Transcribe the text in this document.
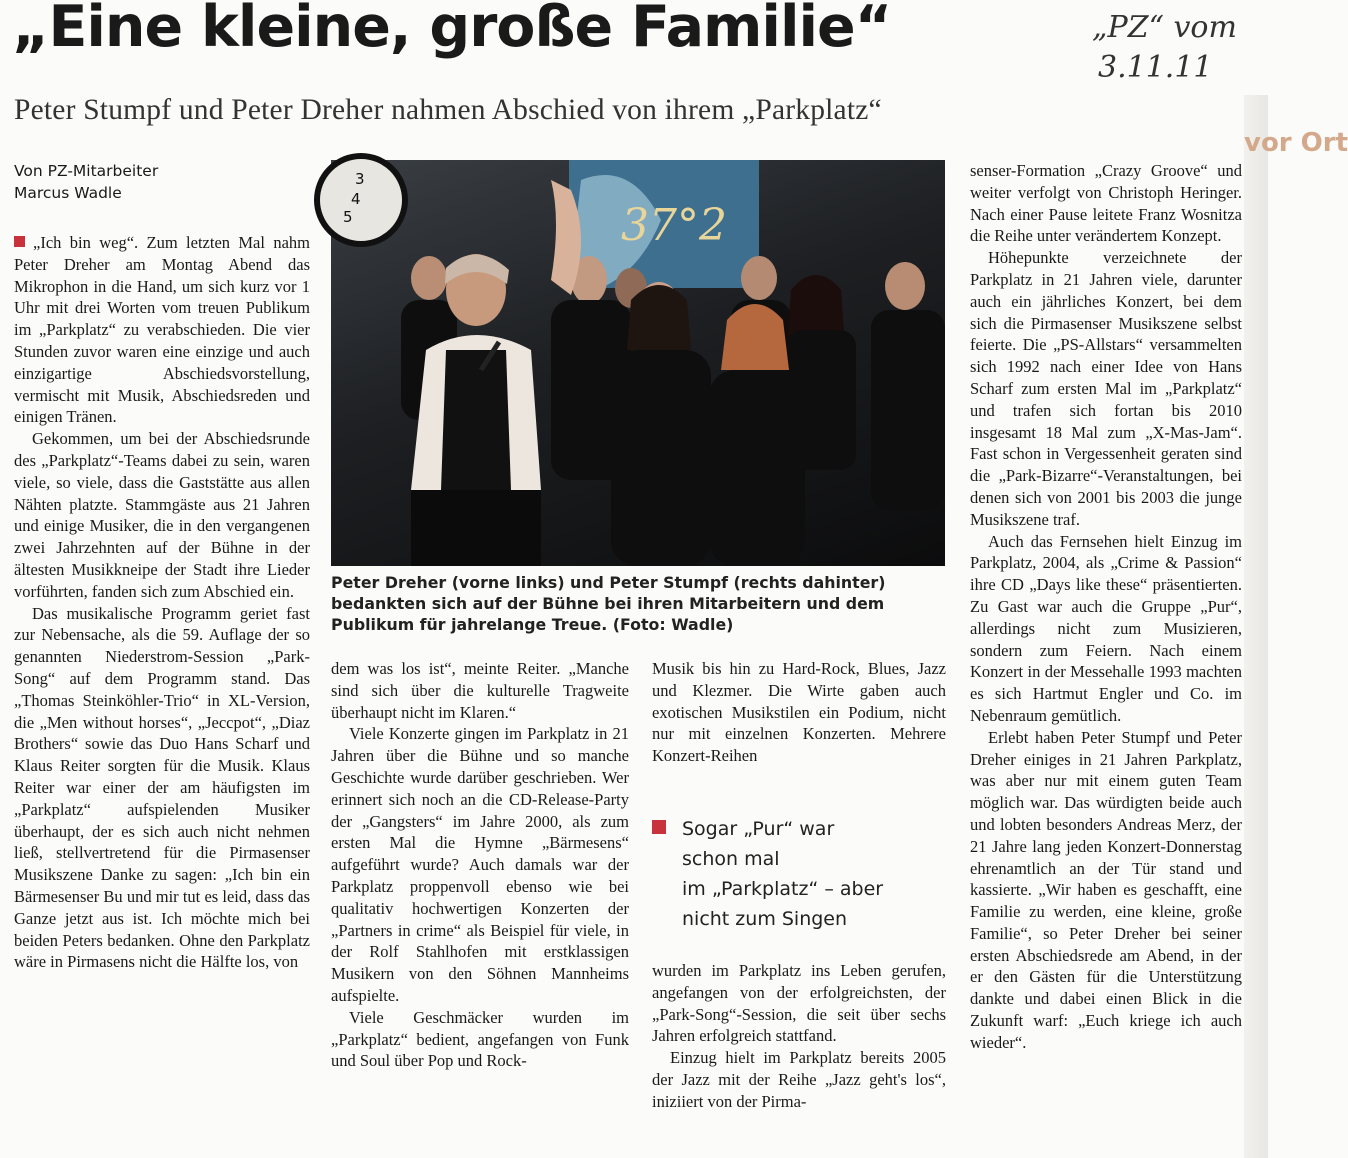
vor Ort
„Eine kleine, große Familie“	„PZ“ vom
3.11.11
Peter Stumpf und Peter Dreher nahmen Abschied von ihrem „Parkplatz“
Von PZ-Mitarbeiter
Marcus Wadle

„Ich bin weg“. Zum letzten Mal nahm Peter Dreher am Montag Abend das Mikrophon in die Hand, um sich kurz vor 1 Uhr mit drei Worten vom treuen Publikum im „Parkplatz“ zu verabschieden. Die vier Stunden zuvor waren eine einzige und auch einzigartige Abschiedsvorstellung, vermischt mit Musik, Abschiedsreden und einigen Tränen.

Gekommen, um bei der Abschiedsrunde des „Parkplatz“-Teams dabei zu sein, waren viele, so viele, dass die Gaststätte aus allen Nähten platzte. Stammgäste aus 21 Jahren und einige Musiker, die in den vergangenen zwei Jahrzehnten auf der Bühne in der ältesten Musikkneipe der Stadt ihre Lieder vorführten, fanden sich zum Abschied ein.

Das musikalische Programm geriet fast zur Nebensache, als die 59. Auflage der so genannten Niederstrom-Session „Park-Song“ auf dem Programm stand. Das „Thomas Steinköhler-Trio“ in XL-Version, die „Men without horses“, „Jeccpot“, „Diaz Brothers“ sowie das Duo Hans Scharf und Klaus Reiter sorgten für die Musik. Klaus Reiter war einer der am häufigsten im „Parkplatz“ aufspielenden Musiker überhaupt, der es sich auch nicht nehmen ließ, stellvertretend für die Pirmasenser Musikszene Danke zu sagen: „Ich bin ein Bärmesenser Bu und mir tut es leid, dass das Ganze jetzt aus ist. Ich möchte mich bei beiden Peters bedanken. Ohne den Parkplatz wäre in Pirmasens nicht die Hälfte los, von

3
4
5	37°2
Peter Dreher (vorne links) und Peter Stumpf (rechts dahinter) bedankten sich auf der Bühne bei ihren Mitarbeitern und dem Publikum für jahrelange Treue. (Foto: Wadle)

dem was los ist“, meinte Reiter. „Manche sind sich über die kulturelle Tragweite überhaupt nicht im Klaren.“

Viele Konzerte gingen im Parkplatz in 21 Jahren über die Bühne und so manche Geschichte wurde darüber geschrieben. Wer erinnert sich noch an die CD-Release-Party der „Gangsters“ im Jahre 2000, als zum ersten Mal die Hymne „Bärmesens“ aufgeführt wurde? Auch damals war der Parkplatz proppenvoll ebenso wie bei qualitativ hochwertigen Konzerten der „Partners in crime“ als Beispiel für viele, in der Rolf Stahlhofen mit erstklassigen Musikern von den Söhnen Mannheims aufspielte.

Viele Geschmäcker wurden im „Parkplatz“ bedient, angefangen von Funk und Soul über Pop und Rock-

Musik bis hin zu Hard-Rock, Blues, Jazz und Klezmer. Die Wirte gaben auch exotischen Musikstilen ein Podium, nicht nur mit einzelnen Konzerten. Mehrere Konzert-Reihen

Sogar „Pur“ war
schon mal
im „Parkplatz“ – aber
nicht zum Singen

wurden im Parkplatz ins Leben gerufen, angefangen von der erfolgreichsten, der „Park-Song“-Session, die seit über sechs Jahren erfolgreich stattfand.

Einzug hielt im Parkplatz bereits 2005 der Jazz mit der Reihe „Jazz geht's los“, iniziiert von der Pirma-

senser-Formation „Crazy Groove“ und weiter verfolgt von Christoph Heringer. Nach einer Pause leitete Franz Wosnitza die Reihe unter verändertem Konzept.

Höhepunkte verzeichnete der Parkplatz in 21 Jahren viele, darunter auch ein jährliches Konzert, bei dem sich die Pirmasenser Musikszene selbst feierte. Die „PS-Allstars“ versammelten sich 1992 nach einer Idee von Hans Scharf zum ersten Mal im „Parkplatz“ und trafen sich fortan bis 2010 insgesamt 18 Mal zum „X-Mas-Jam“. Fast schon in Vergessenheit geraten sind die „Park-Bizarre“-Veranstaltungen, bei denen sich von 2001 bis 2003 die junge Musikszene traf.

Auch das Fernsehen hielt Einzug im Parkplatz, 2004, als „Crime & Passion“ ihre CD „Days like these“ präsentierten. Zu Gast war auch die Gruppe „Pur“, allerdings nicht zum Musizieren, sondern zum Feiern. Nach einem Konzert in der Messehalle 1993 machten es sich Hartmut Engler und Co. im Nebenraum gemütlich.

Erlebt haben Peter Stumpf und Peter Dreher einiges in 21 Jahren Parkplatz, was aber nur mit einem guten Team möglich war. Das würdigten beide auch und lobten besonders Andreas Merz, der 21 Jahre lang jeden Konzert-Donnerstag ehrenamtlich an der Tür stand und kassierte. „Wir haben es geschafft, eine Familie zu werden, eine kleine, große Familie“, so Peter Dreher bei seiner ersten Abschiedsrede am Abend, in der er den Gästen für die Unterstützung dankte und dabei einen Blick in die Zukunft warf: „Euch kriege ich auch wieder“.
